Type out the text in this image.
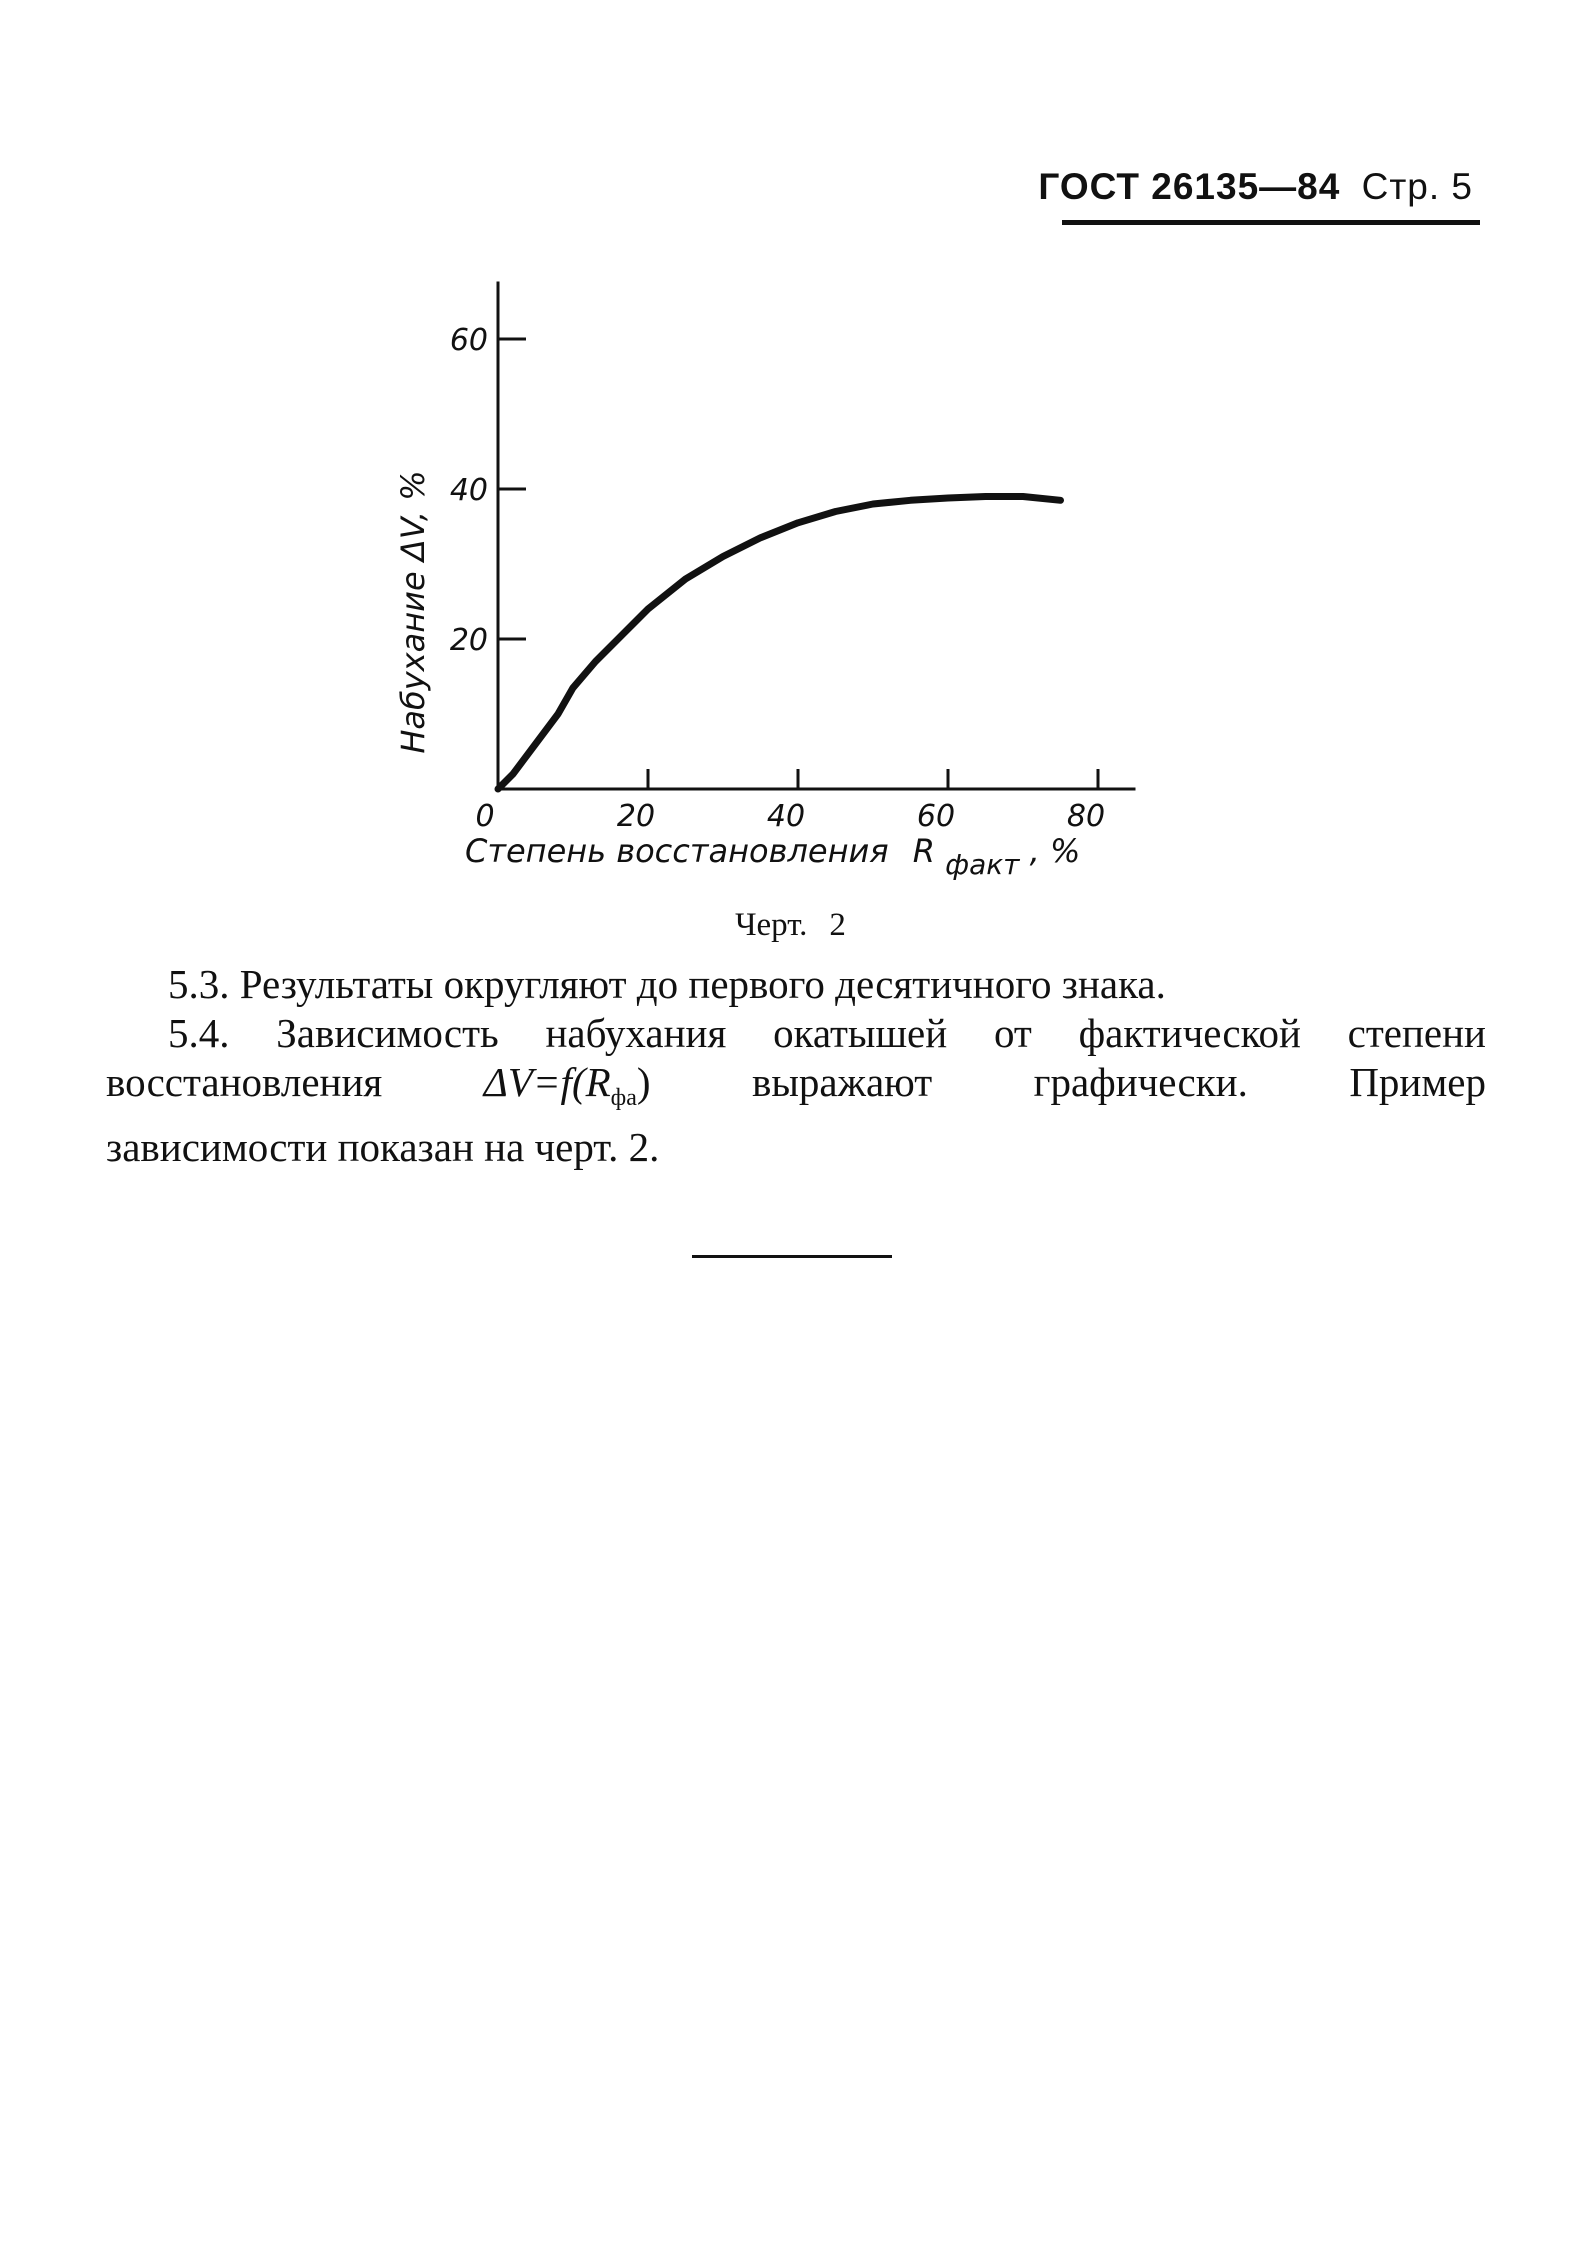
ГОСТ 26135—84 Стр. 5
20	40	60	80
20
40
60
0
Степень восстановления R факт , %
Набухание ΔV, %
Черт. 2

5.3. Результаты округляют до первого десятичного знака.

5.4. Зависимость набухания окатышей от фактической степени

восстановления $\Delta V=f(R_{фа})$ выражают графически. Пример

зависимости показан на черт. 2.
